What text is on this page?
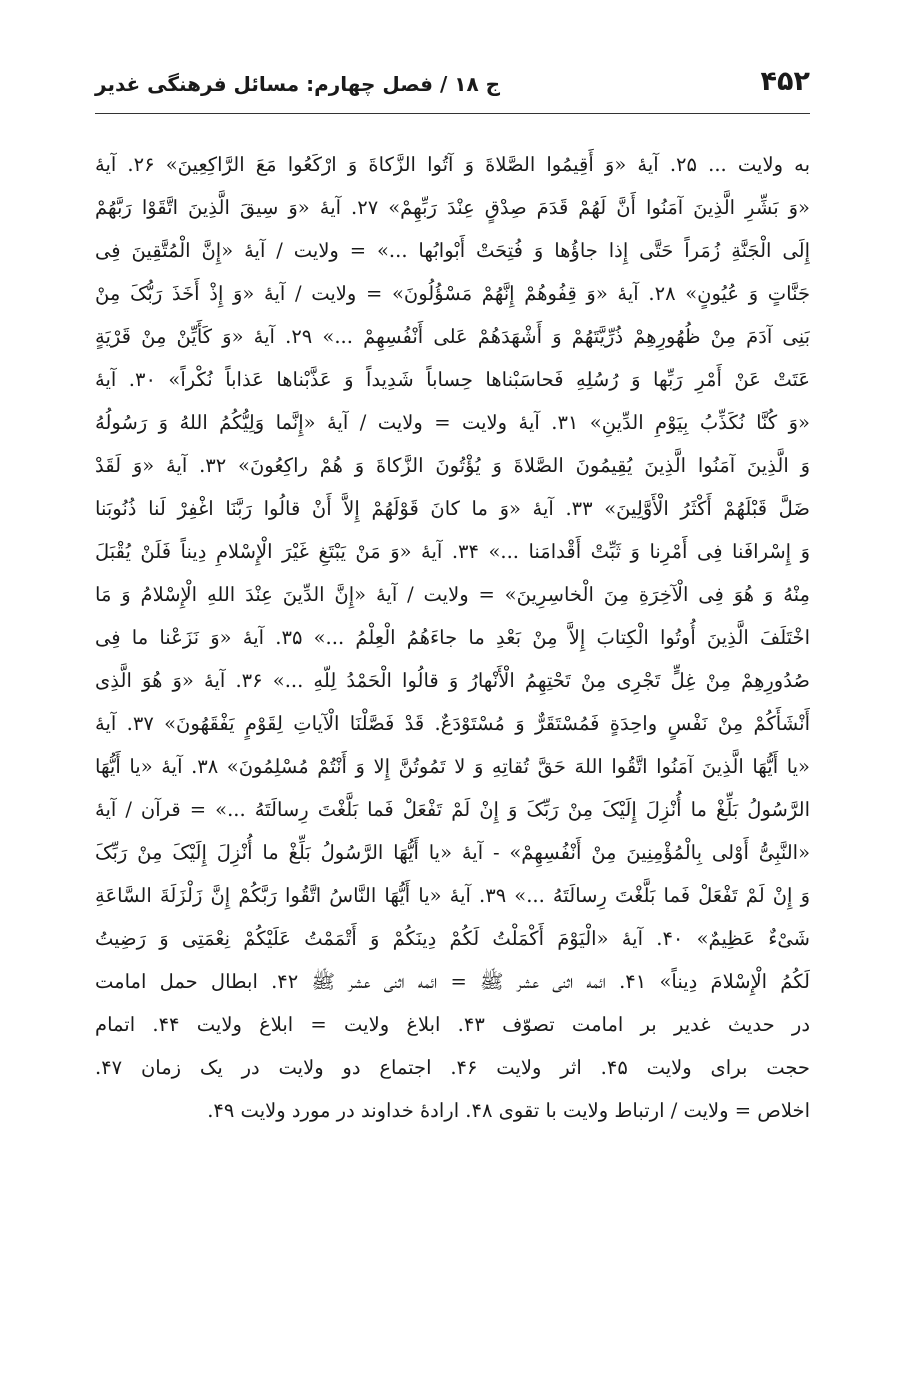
۴۵۲
ج ۱۸ / فصل چهارم: مسائل فرهنگی غدیر
به ولایت ... ۲۵. آیهٔ «وَ أَقِیمُوا الصَّلاةَ وَ آتُوا الزَّکاةَ وَ ارْکَعُوا مَعَ الرَّاکِعِینَ» ۲۶. آیهٔ
«وَ بَشِّرِ الَّذِینَ آمَنُوا أَنَّ لَهُمْ قَدَمَ صِدْقٍ عِنْدَ رَبِّهِمْ» ۲۷. آیهٔ «وَ سِیقَ الَّذِینَ اتَّقَوْا رَبَّهُمْ
إِلَی الْجَنَّةِ زُمَراً حَتَّی إِذا جاؤُها وَ فُتِحَتْ أَبْوابُها ...» = ولایت / آیهٔ «إِنَّ الْمُتَّقِینَ فِی
جَنَّاتٍ وَ عُیُونٍ» ۲۸. آیهٔ «وَ قِفُوهُمْ إِنَّهُمْ مَسْؤُلُونَ» = ولایت / آیهٔ «وَ إِذْ أَخَذَ رَبُّکَ مِنْ
بَنِی آدَمَ مِنْ ظُهُورِهِمْ ذُرِّیَّتَهُمْ وَ أَشْهَدَهُمْ عَلی أَنْفُسِهِمْ ...» ۲۹. آیهٔ «وَ کَأَیِّنْ مِنْ قَرْیَةٍ
عَتَتْ عَنْ أَمْرِ رَبِّها وَ رُسُلِهِ فَحاسَبْناها حِساباً شَدِیداً وَ عَذَّبْناها عَذاباً نُکْراً» ۳۰. آیهٔ
«وَ کُنَّا نُکَذِّبُ بِیَوْمِ الدِّینِ» ۳۱. آیهٔ ولایت = ولایت / آیهٔ «إِنَّما وَلِیُّکُمُ اللهُ وَ رَسُولُهُ
وَ الَّذِینَ آمَنُوا الَّذِینَ یُقِیمُونَ الصَّلاةَ وَ یُؤْتُونَ الزَّکاةَ وَ هُمْ راکِعُونَ» ۳۲. آیهٔ «وَ لَقَدْ
ضَلَّ قَبْلَهُمْ أَکْثَرُ الْأَوَّلِینَ» ۳۳. آیهٔ «وَ ما کانَ قَوْلَهُمْ إِلاَّ أَنْ قالُوا رَبَّنَا اغْفِرْ لَنا ذُنُوبَنا
وَ إِسْرافَنا فِی أَمْرِنا وَ ثَبِّتْ أَقْدامَنا ...» ۳۴. آیهٔ «وَ مَنْ یَبْتَغِ غَیْرَ الْإِسْلامِ دِیناً فَلَنْ یُقْبَلَ
مِنْهُ وَ هُوَ فِی الْآخِرَةِ مِنَ الْخاسِرِینَ» = ولایت / آیهٔ «إِنَّ الدِّینَ عِنْدَ اللهِ الْإِسْلامُ وَ مَا
اخْتَلَفَ الَّذِینَ أُوتُوا الْکِتابَ إِلاَّ مِنْ بَعْدِ ما جاءَهُمُ الْعِلْمُ ...» ۳۵. آیهٔ «وَ نَزَعْنا ما فِی
صُدُورِهِمْ مِنْ غِلٍّ تَجْرِی مِنْ تَحْتِهِمُ الْأَنْهارُ وَ قالُوا الْحَمْدُ لِلّهِ ...» ۳۶. آیهٔ «وَ هُوَ الَّذِی
أَنْشَأَکُمْ مِنْ نَفْسٍ واحِدَةٍ فَمُسْتَقَرٌّ وَ مُسْتَوْدَعٌ. قَدْ فَصَّلْنَا الْآیاتِ لِقَوْمٍ یَفْقَهُونَ» ۳۷. آیهٔ
«یا أَیُّهَا الَّذِینَ آمَنُوا اتَّقُوا اللهَ حَقَّ تُقاتِهِ وَ لا تَمُوتُنَّ إِلا وَ أَنْتُمْ مُسْلِمُونَ» ۳۸. آیهٔ «یا أَیُّهَا
الرَّسُولُ بَلِّغْ ما أُنْزِلَ إِلَیْکَ مِنْ رَبِّکَ وَ إِنْ لَمْ تَفْعَلْ فَما بَلَّغْتَ رِسالَتَهُ ...» = قرآن / آیهٔ
«النَّبِیُّ أَوْلی بِالْمُؤْمِنِینَ مِنْ أَنْفُسِهِمْ» - آیهٔ «یا أَیُّهَا الرَّسُولُ بَلِّغْ ما أُنْزِلَ إِلَیْکَ مِنْ رَبِّکَ
وَ إِنْ لَمْ تَفْعَلْ فَما بَلَّغْتَ رِسالَتَهُ ...» ۳۹. آیهٔ «یا أَیُّهَا النَّاسُ اتَّقُوا رَبَّکُمْ إِنَّ زَلْزَلَةَ السَّاعَةِ
شَیْءٌ عَظِیمٌ» ۴۰. آیهٔ «الْیَوْمَ أَکْمَلْتُ لَکُمْ دِینَکُمْ وَ أَتْمَمْتُ عَلَیْکُمْ نِعْمَتِی وَ رَضِیتُ
لَکُمُ الْإِسْلامَ دِیناً» ۴۱. ائمه اثنی عشر ﷺ = ائمه اثنی عشر ﷺ ۴۲. ابطال حمل امامت
در حدیث غدیر بر امامت تصوّف ۴۳. ابلاغ ولایت = ابلاغ ولایت ۴۴. اتمام
حجت برای ولایت ۴۵. اثر ولایت ۴۶. اجتماع دو ولایت در یک زمان ۴۷.
اخلاص = ولایت / ارتباط ولایت با تقوی ۴۸. ارادهٔ خداوند در مورد ولایت ۴۹.
